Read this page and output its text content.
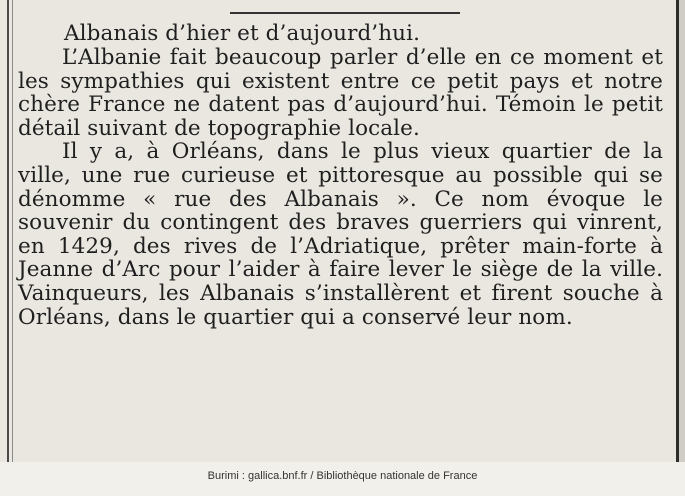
Albanais d’hier et d’aujourd’hui.

L’Albanie fait beaucoup parler d’elle en ce moment et les sympathies qui existent entre ce petit pays et notre chère France ne datent pas d’aujourd’hui. Témoin le petit détail suivant de topographie locale.

Il y a, à Orléans, dans le plus vieux quartier de la ville, une rue curieuse et pittoresque au possible qui se dénomme « rue des Albanais ». Ce nom évoque le souvenir du contingent des braves guerriers qui vinrent, en 1429, des rives de l’Adriatique, prêter main-forte à Jeanne d’Arc pour l’aider à faire lever le siège de la ville. Vainqueurs, les Albanais s’installèrent et firent souche à Orléans, dans le quartier qui a conservé leur nom.

Burimi : gallica.bnf.fr / Bibliothèque nationale de France
